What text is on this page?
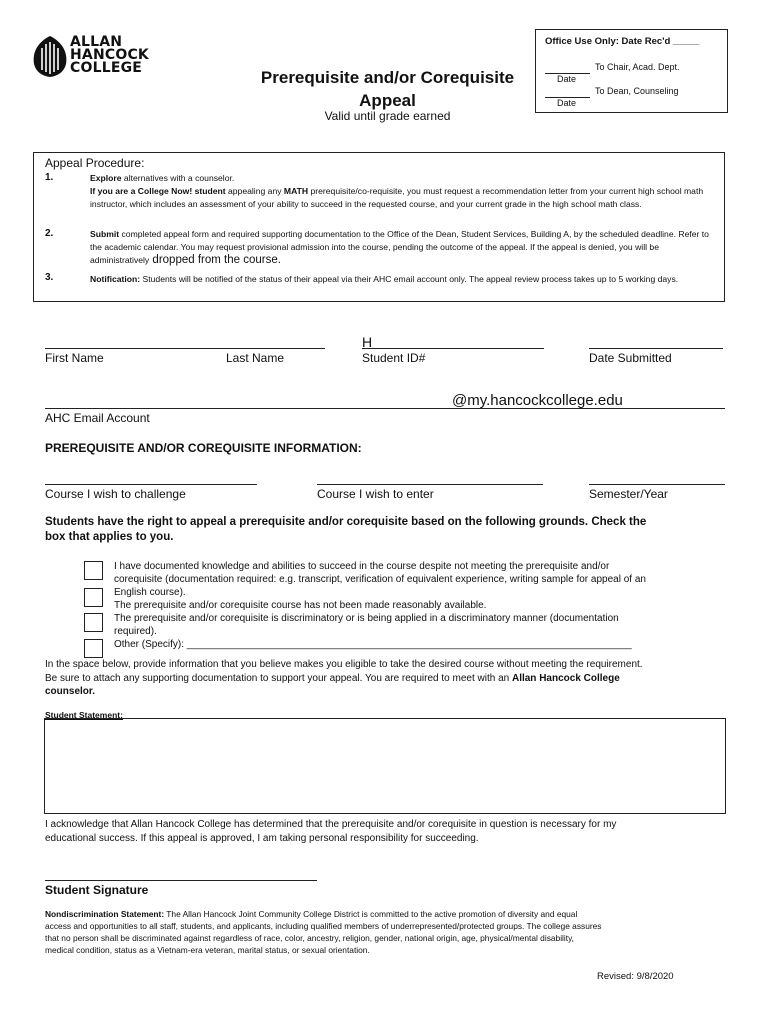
ALLAN
HANCOCK
COLLEGE	Prerequisite and/or Corequisite
Appeal
Valid until grade earned
Office Use Only: Date Rec'd _____
To Chair, Acad. Dept.
Date
To Dean, Counseling
Date
Appeal Procedure:
1.	Explore alternatives with a counselor.
If you are a College Now! student appealing any MATH prerequisite/co-requisite, you must request a recommendation letter from your current high school math instructor, which includes an assessment of your ability to succeed in the requested course, and your current grade in the high school math class.
2.	Submit completed appeal form and required supporting documentation to the Office of the Dean, Student Services, Building A, by the scheduled deadline. Refer to the academic calendar. You may request provisional admission into the course, pending the outcome of the appeal. If the appeal is denied, you will be administratively dropped from the course.
3.	Notification: Students will be notified of the status of their appeal via their AHC email account only. The appeal review process takes up to 5 working days.
First Name	Last Name
H
Student ID#	Date Submitted
@my.hancockcollege.edu
AHC Email Account
PREREQUISITE AND/OR COREQUISITE INFORMATION:
Course I wish to challenge	Course I wish to enter	Semester/Year
Students have the right to appeal a prerequisite and/or corequisite based on the following grounds. Check the
box that applies to you.
I have documented knowledge and abilities to succeed in the course despite not meeting the prerequisite and/or
corequisite (documentation required: e.g. transcript, verification of equivalent experience, writing sample for appeal of an
English course).
The prerequisite and/or corequisite course has not been made reasonably available.
The prerequisite and/or corequisite is discriminatory or is being applied in a discriminatory manner (documentation
required).
Other (Specify): ________________________________________________________________________________
In the space below, provide information that you believe makes you eligible to take the desired course without meeting the requirement.
Be sure to attach any supporting documentation to support your appeal. You are required to meet with an Allan Hancock College
counselor.
Student Statement:
I acknowledge that Allan Hancock College has determined that the prerequisite and/or corequisite in question is necessary for my
educational success. If this appeal is approved, I am taking personal responsibility for succeeding.
Student Signature
Nondiscrimination Statement: The Allan Hancock Joint Community College District is committed to the active promotion of diversity and equal
access and opportunities to all staff, students, and applicants, including qualified members of underrepresented/protected groups. The college assures
that no person shall be discriminated against regardless of race, color, ancestry, religion, gender, national origin, age, physical/mental disability,
medical condition, status as a Vietnam-era veteran, marital status, or sexual orientation.
Revised: 9/8/2020
